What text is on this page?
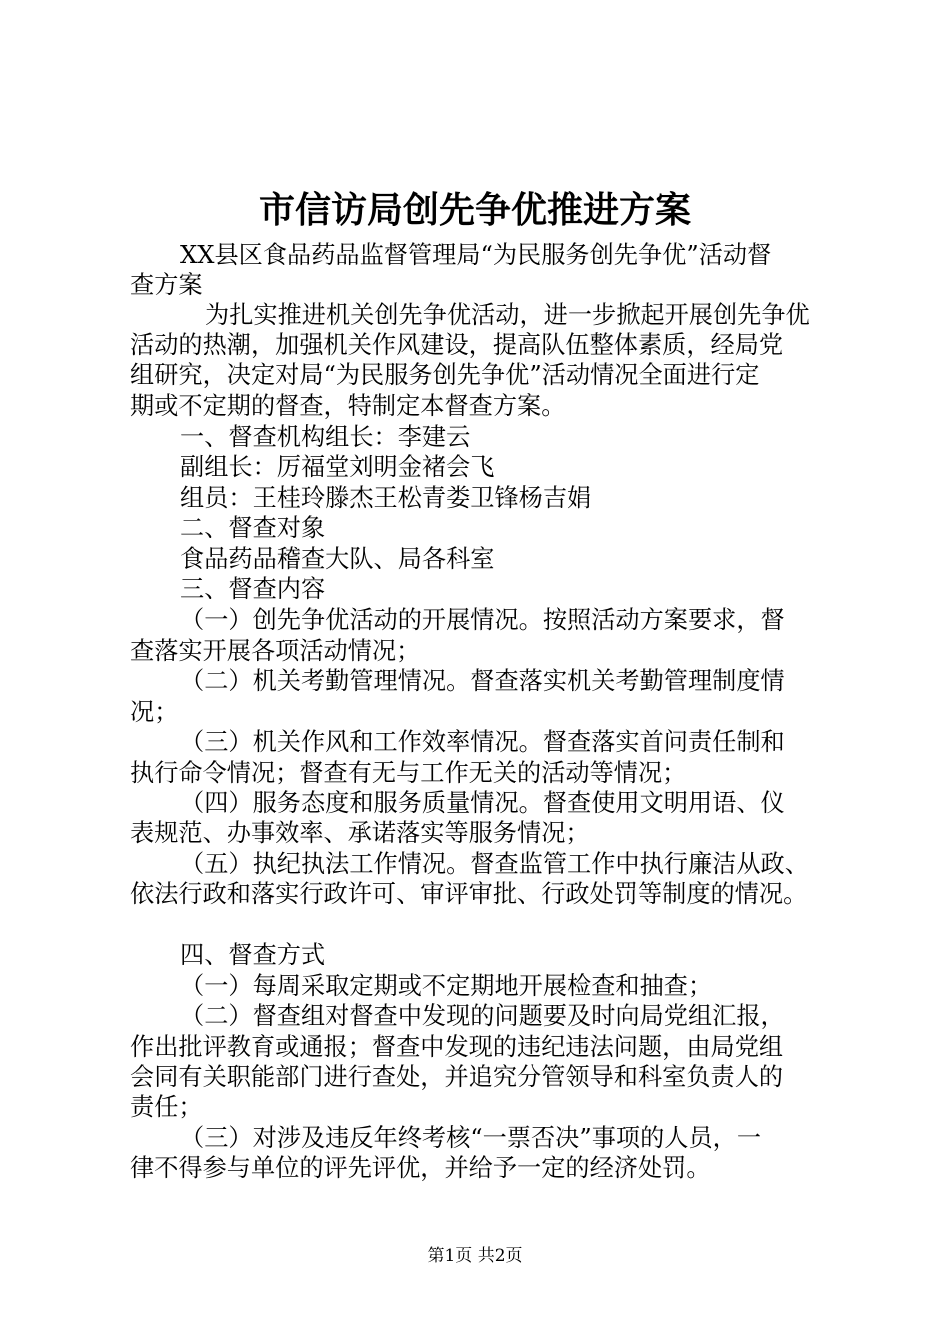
市信访局创先争优推进方案
XX县区食品药品监督管理局“为民服务创先争优”活动督
查方案
为扎实推进机关创先争优活动，进一步掀起开展创先争优
活动的热潮，加强机关作风建设，提高队伍整体素质，经局党
组研究，决定对局“为民服务创先争优”活动情况全面进行定
期或不定期的督查，特制定本督查方案。
一、督查机构组长：李建云
副组长：厉福堂刘明金褚会飞
组员：王桂玲滕杰王松青娄卫锋杨吉娟
二、督查对象
食品药品稽查大队、局各科室
三、督查内容
（一）创先争优活动的开展情况。按照活动方案要求，督
查落实开展各项活动情况；
（二）机关考勤管理情况。督查落实机关考勤管理制度情
况；
（三）机关作风和工作效率情况。督查落实首问责任制和
执行命令情况；督查有无与工作无关的活动等情况；
（四）服务态度和服务质量情况。督查使用文明用语、仪
表规范、办事效率、承诺落实等服务情况；
（五）执纪执法工作情况。督查监管工作中执行廉洁从政、
依法行政和落实行政许可、审评审批、行政处罚等制度的情况。
四、督查方式
（一）每周采取定期或不定期地开展检查和抽查；
（二）督查组对督查中发现的问题要及时向局党组汇报，
作出批评教育或通报；督查中发现的违纪违法问题，由局党组
会同有关职能部门进行查处，并追究分管领导和科室负责人的
责任；
（三）对涉及违反年终考核“一票否决”事项的人员，一
律不得参与单位的评先评优，并给予一定的经济处罚。
第1页 共2页
